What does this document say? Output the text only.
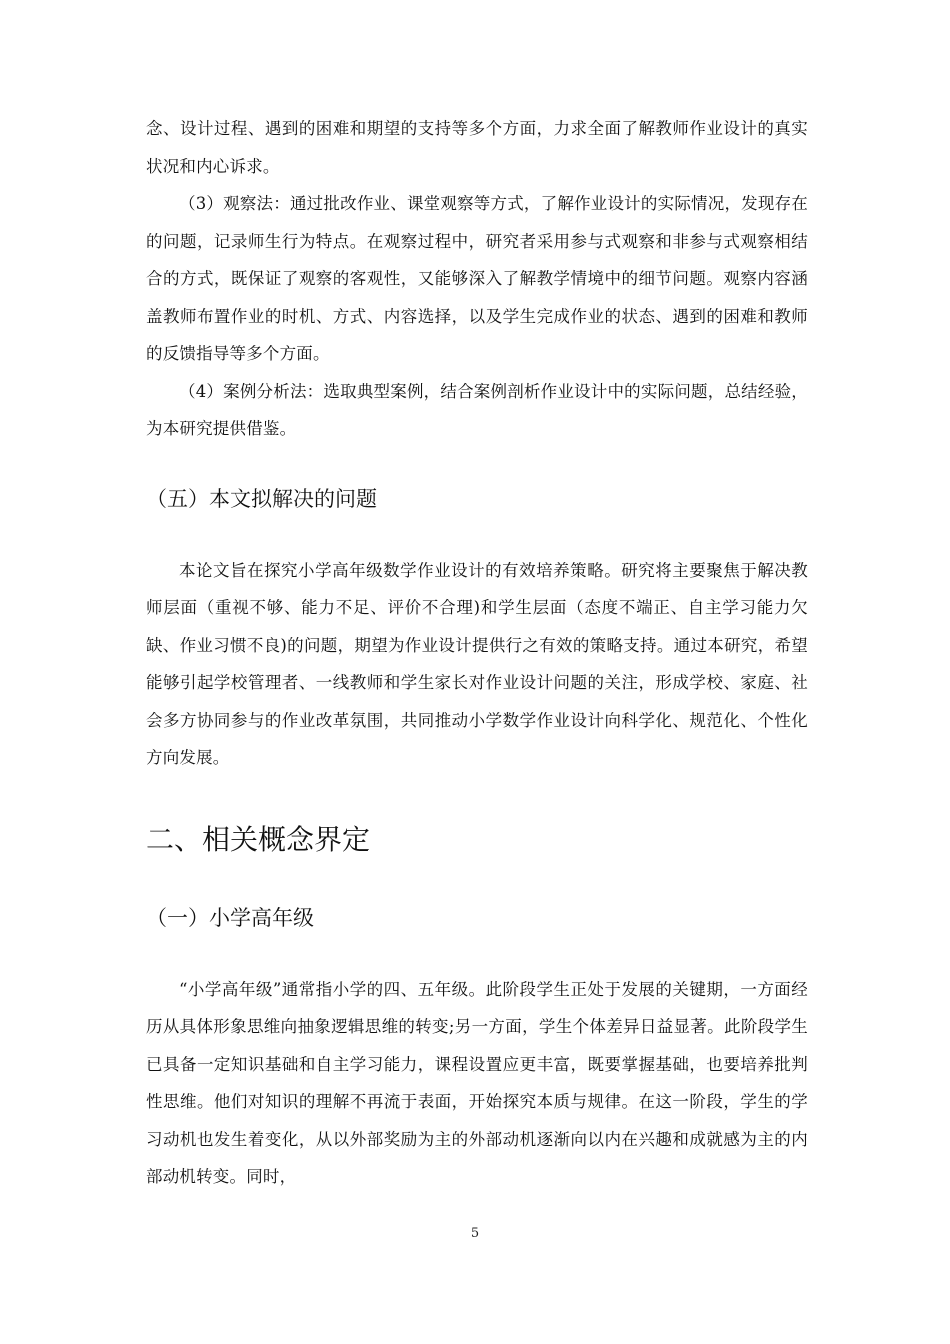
念、设计过程、遇到的困难和期望的支持等多个方面，力求全面了解教师作业设计的真实状况和内心诉求。

（3）观察法：通过批改作业、课堂观察等方式，了解作业设计的实际情况，发现存在的问题，记录师生行为特点。在观察过程中，研究者采用参与式观察和非参与式观察相结合的方式，既保证了观察的客观性，又能够深入了解教学情境中的细节问题。观察内容涵盖教师布置作业的时机、方式、内容选择，以及学生完成作业的状态、遇到的困难和教师的反馈指导等多个方面。

（4）案例分析法：选取典型案例，结合案例剖析作业设计中的实际问题，总结经验，为本研究提供借鉴。

（五）本文拟解决的问题

本论文旨在探究小学高年级数学作业设计的有效培养策略。研究将主要聚焦于解决教师层面（重视不够、能力不足、评价不合理)和学生层面（态度不端正、自主学习能力欠缺、作业习惯不良)的问题，期望为作业设计提供行之有效的策略支持。通过本研究，希望能够引起学校管理者、一线教师和学生家长对作业设计问题的关注，形成学校、家庭、社会多方协同参与的作业改革氛围，共同推动小学数学作业设计向科学化、规范化、个性化方向发展。

二、相关概念界定
（一）小学高年级

“小学高年级”通常指小学的四、五年级。此阶段学生正处于发展的关键期，一方面经历从具体形象思维向抽象逻辑思维的转变;另一方面，学生个体差异日益显著。此阶段学生已具备一定知识基础和自主学习能力，课程设置应更丰富，既要掌握基础，也要培养批判性思维。他们对知识的理解不再流于表面，开始探究本质与规律。在这一阶段，学生的学习动机也发生着变化，从以外部奖励为主的外部动机逐渐向以内在兴趣和成就感为主的内部动机转变。同时，

5
